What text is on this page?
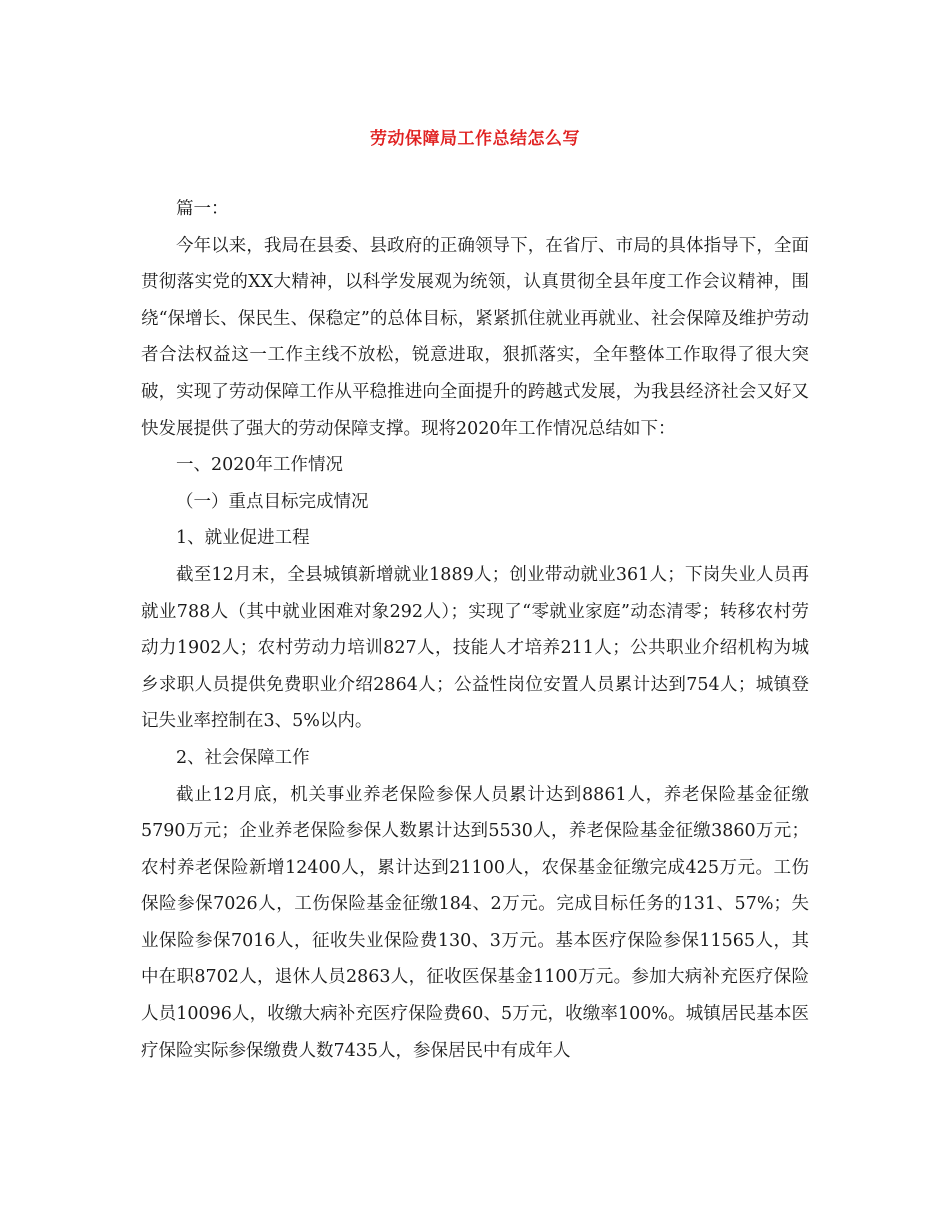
劳动保障局工作总结怎么写

篇一：

今年以来，我局在县委、县政府的正确领导下，在省厅、市局的具体指导下，全面贯彻落实党的XX大精神，以科学发展观为统领，认真贯彻全县年度工作会议精神，围绕“保增长、保民生、保稳定”的总体目标，紧紧抓住就业再就业、社会保障及维护劳动者合法权益这一工作主线不放松，锐意进取，狠抓落实，全年整体工作取得了很大突破，实现了劳动保障工作从平稳推进向全面提升的跨越式发展，为我县经济社会又好又快发展提供了强大的劳动保障支撑。现将2020年工作情况总结如下：

一、2020年工作情况

（一）重点目标完成情况

1、就业促进工程

截至12月末，全县城镇新增就业1889人；创业带动就业361人；下岗失业人员再就业788人（其中就业困难对象292人）；实现了“零就业家庭”动态清零；转移农村劳动力1902人；农村劳动力培训827人，技能人才培养211人；公共职业介绍机构为城乡求职人员提供免费职业介绍2864人；公益性岗位安置人员累计达到754人；城镇登记失业率控制在3、5%以内。

2、社会保障工作

截止12月底，机关事业养老保险参保人员累计达到8861人，养老保险基金征缴5790万元；企业养老保险参保人数累计达到5530人，养老保险基金征缴3860万元；农村养老保险新增12400人，累计达到21100人，农保基金征缴完成425万元。工伤保险参保7026人，工伤保险基金征缴184、2万元。完成目标任务的131、57%；失业保险参保7016人，征收失业保险费130、3万元。基本医疗保险参保11565人，其中在职8702人，退休人员2863人，征收医保基金1100万元。参加大病补充医疗保险人员10096人，收缴大病补充医疗保险费60、5万元，收缴率100%。城镇居民基本医疗保险实际参保缴费人数7435人，参保居民中有成年人
